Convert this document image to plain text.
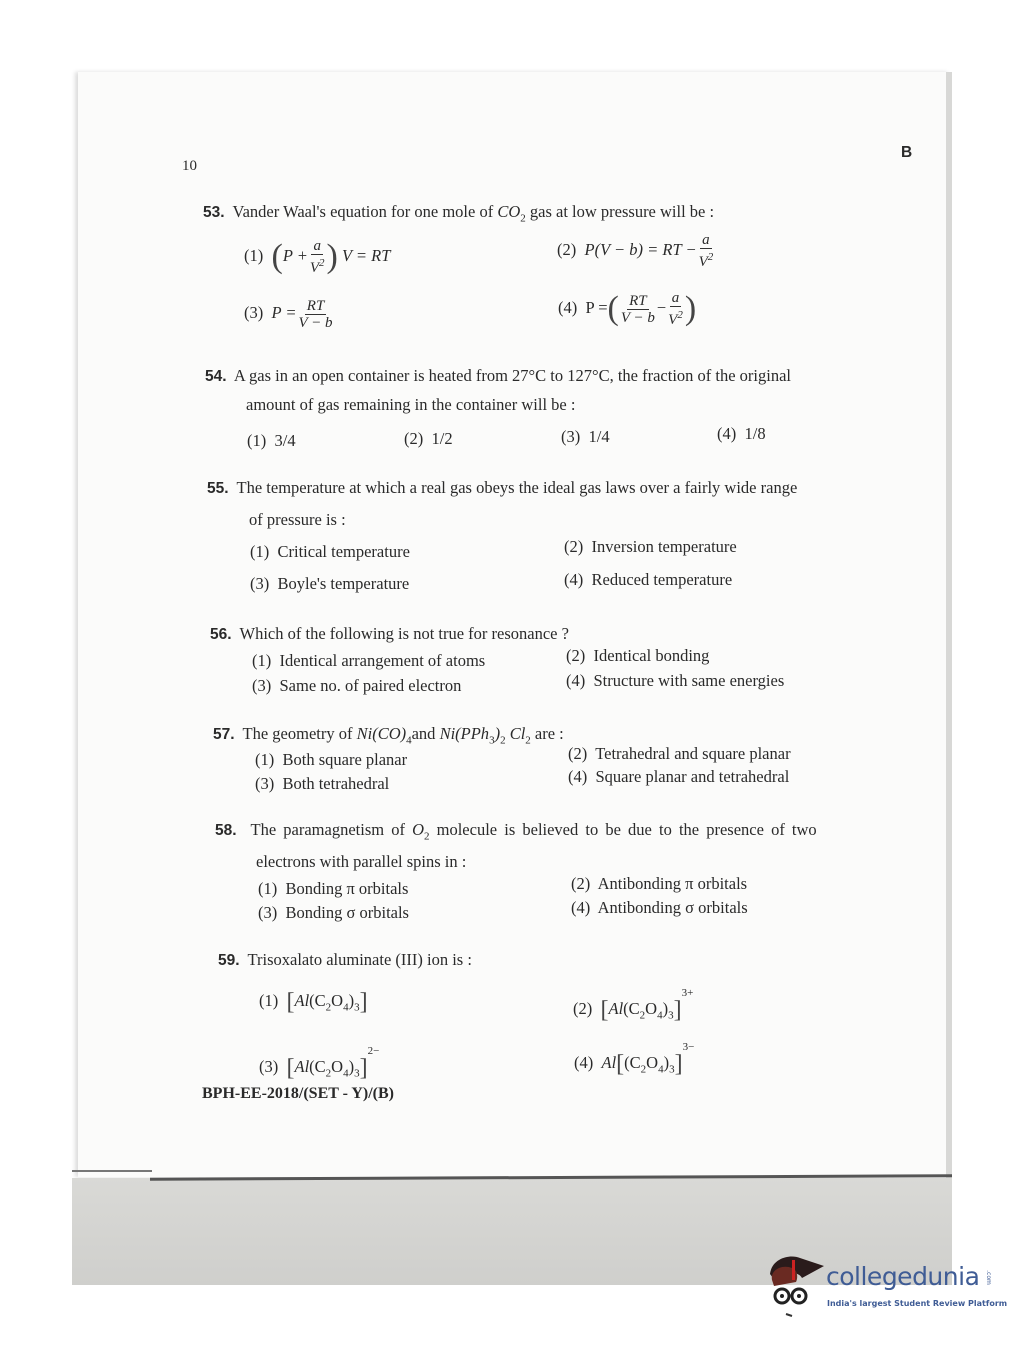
10
B
53. Vander Waal's equation for one mole of $CO_2$ gas at low pressure will be :
(1) ($P + \frac{a}{V^2}$ ) V = RT	(2) P(V − b) = RT − $\frac{a}{V^2}$
(3) $P = \frac{RT}{V - b}$	(4) P =( $\frac{RT}{V - b} - \frac{a}{V^2}$ )
54. A gas in an open container is heated from 27°C to 127°C, the fraction of the original
amount of gas remaining in the container will be :
(1) 3/4	(2) 1/2	(3) 1/4	(4) 1/8
55. The temperature at which a real gas obeys the ideal gas laws over a fairly wide range
of pressure is :
(1) Critical temperature	(2) Inversion temperature
(3) Boyle's temperature	(4) Reduced temperature
56. Which of the following is not true for resonance ?
(1) Identical arrangement of atoms	(2) Identical bonding
(3) Same no. of paired electron	(4) Structure with same energies
57. The geometry of $Ni(CO)_4and$ $Ni(PPh_3)_2$ $Cl_2$ are :
(1) Both square planar	(2) Tetrahedral and square planar
(3) Both tetrahedral	(4) Square planar and tetrahedral
58. The paramagnetism of $O_2$ molecule is believed to be due to the presence of two
electrons with parallel spins in :
(1) Bonding π orbitals	(2) Antibonding π orbitals
(3) Bonding σ orbitals	(4) Antibonding σ orbitals
59. Trisoxalato aluminate (III) ion is :
(1) $[Al(C_2O_4)_3]$	(2) $[Al(C_2O_4)_3]^{3+}$
(3) $[Al(C_2O_4)_3]^{2-}$
(4) $Al[(C_2O_4)_3]^{3-}$
BPH-EE-2018/(SET - Y)/(B)
collegedunia .com
India's largest Student Review Platform
